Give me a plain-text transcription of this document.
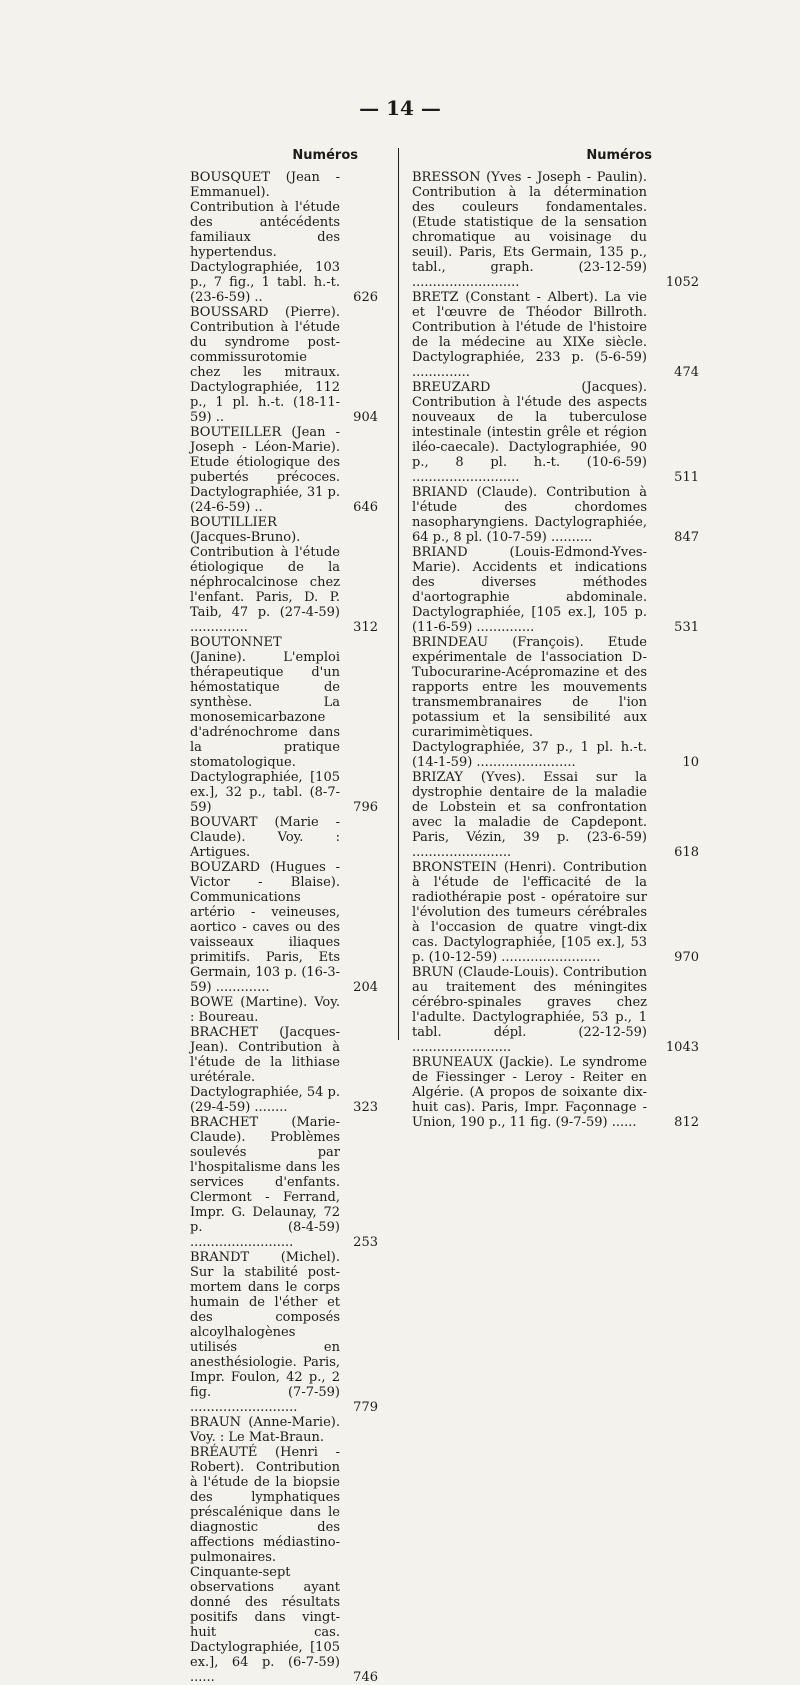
— 14 —
Numéros

BOUSQUET (Jean - Emmanuel). Contribution à l'étude des antécédents familiaux des hypertendus. Dactylographiée, 103 p., 7 fig., 1 tabl. h.-t. (23-6-59) ..	626

BOUSSARD (Pierre). Contribution à l'étude du syndrome post-commissurotomie chez les mitraux. Dactylographiée, 112 p., 1 pl. h.-t. (18-11-59) ..	904

BOUTEILLER (Jean - Joseph - Léon-Marie). Etude étiologique des pubertés précoces. Dactylographiée, 31 p. (24-6-59) ..	646

BOUTILLIER (Jacques-Bruno). Contribution à l'étude étiologique de la néphrocalcinose chez l'enfant. Paris, D. P. Taib, 47 p. (27-4-59) ..............	312

BOUTONNET (Janine). L'emploi thérapeutique d'un hémostatique de synthèse. La monosemicarbazone d'adrénochrome dans la pratique stomatologique. Dactylographiée, [105 ex.], 32 p., tabl. (8-7-59)	796

BOUVART (Marie - Claude). Voy. : Artigues.

BOUZARD (Hugues - Victor - Blaise). Communications artério - veineuses, aortico - caves ou des vaisseaux iliaques primitifs. Paris, Ets Germain, 103 p. (16-3-59) .............	204

BOWE (Martine). Voy. : Boureau.

BRACHET (Jacques-Jean). Contribution à l'étude de la lithiase urétérale. Dactylographiée, 54 p. (29-4-59) ........	323

BRACHET (Marie-Claude). Problèmes soulevés par l'hospitalisme dans les services d'enfants. Clermont - Ferrand, Impr. G. Delaunay, 72 p. (8-4-59) .........................	253

BRANDT (Michel). Sur la stabilité post-mortem dans le corps humain de l'éther et des composés alcoylhalogènes utilisés en anesthésiologie. Paris, Impr. Foulon, 42 p., 2 fig. (7-7-59) ..........................	779

BRAUN (Anne-Marie). Voy. : Le Mat-Braun.

BRÉAUTÉ (Henri - Robert). Contribution à l'étude de la biopsie des lymphatiques préscalénique dans le diagnostic des affections médiastino-pulmonaires. Cinquante-sept observations ayant donné des résultats positifs dans vingt-huit cas. Dactylographiée, [105 ex.], 64 p. (6-7-59) ......	746

Numéros

BRESSON (Yves - Joseph - Paulin). Contribution à la détermination des couleurs fondamentales. (Etude statistique de la sensation chromatique au voisinage du seuil). Paris, Ets Germain, 135 p., tabl., graph. (23-12-59) ..........................	1052

BRETZ (Constant - Albert). La vie et l'œuvre de Théodor Billroth. Contribution à l'étude de l'histoire de la médecine au XIXe siècle. Dactylographiée, 233 p. (5-6-59) ..............	474

BREUZARD (Jacques). Contribution à l'étude des aspects nouveaux de la tuberculose intestinale (intestin grêle et région iléo-caecale). Dactylographiée, 90 p., 8 pl. h.-t. (10-6-59) ..........................	511

BRIAND (Claude). Contribution à l'étude des chordomes nasopharyngiens. Dactylographiée, 64 p., 8 pl. (10-7-59) ..........	847

BRIAND (Louis-Edmond-Yves-Marie). Accidents et indications des diverses méthodes d'aortographie abdominale. Dactylographiée, [105 ex.], 105 p. (11-6-59) ..............	531

BRINDEAU (François). Etude expérimentale de l'association D-Tubocurarine-Acépromazine et des rapports entre les mouvements transmembranaires de l'ion potassium et la sensibilité aux curarimimètiques. Dactylographiée, 37 p., 1 pl. h.-t. (14-1-59) ........................	10

BRIZAY (Yves). Essai sur la dystrophie dentaire de la maladie de Lobstein et sa confrontation avec la maladie de Capdepont. Paris, Vézin, 39 p. (23-6-59) ........................	618

BRONSTEIN (Henri). Contribution à l'étude de l'efficacité de la radiothérapie post - opératoire sur l'évolution des tumeurs cérébrales à l'occasion de quatre vingt-dix cas. Dactylographiée, [105 ex.], 53 p. (10-12-59) ........................	970

BRUN (Claude-Louis). Contribution au traitement des méningites cérébro-spinales graves chez l'adulte. Dactylographiée, 53 p., 1 tabl. dépl. (22-12-59) ........................	1043

BRUNEAUX (Jackie). Le syndrome de Fiessinger - Leroy - Reiter en Algérie. (A propos de soixante dix-huit cas). Paris, Impr. Façonnage - Union, 190 p., 11 fig. (9-7-59) ......	812
